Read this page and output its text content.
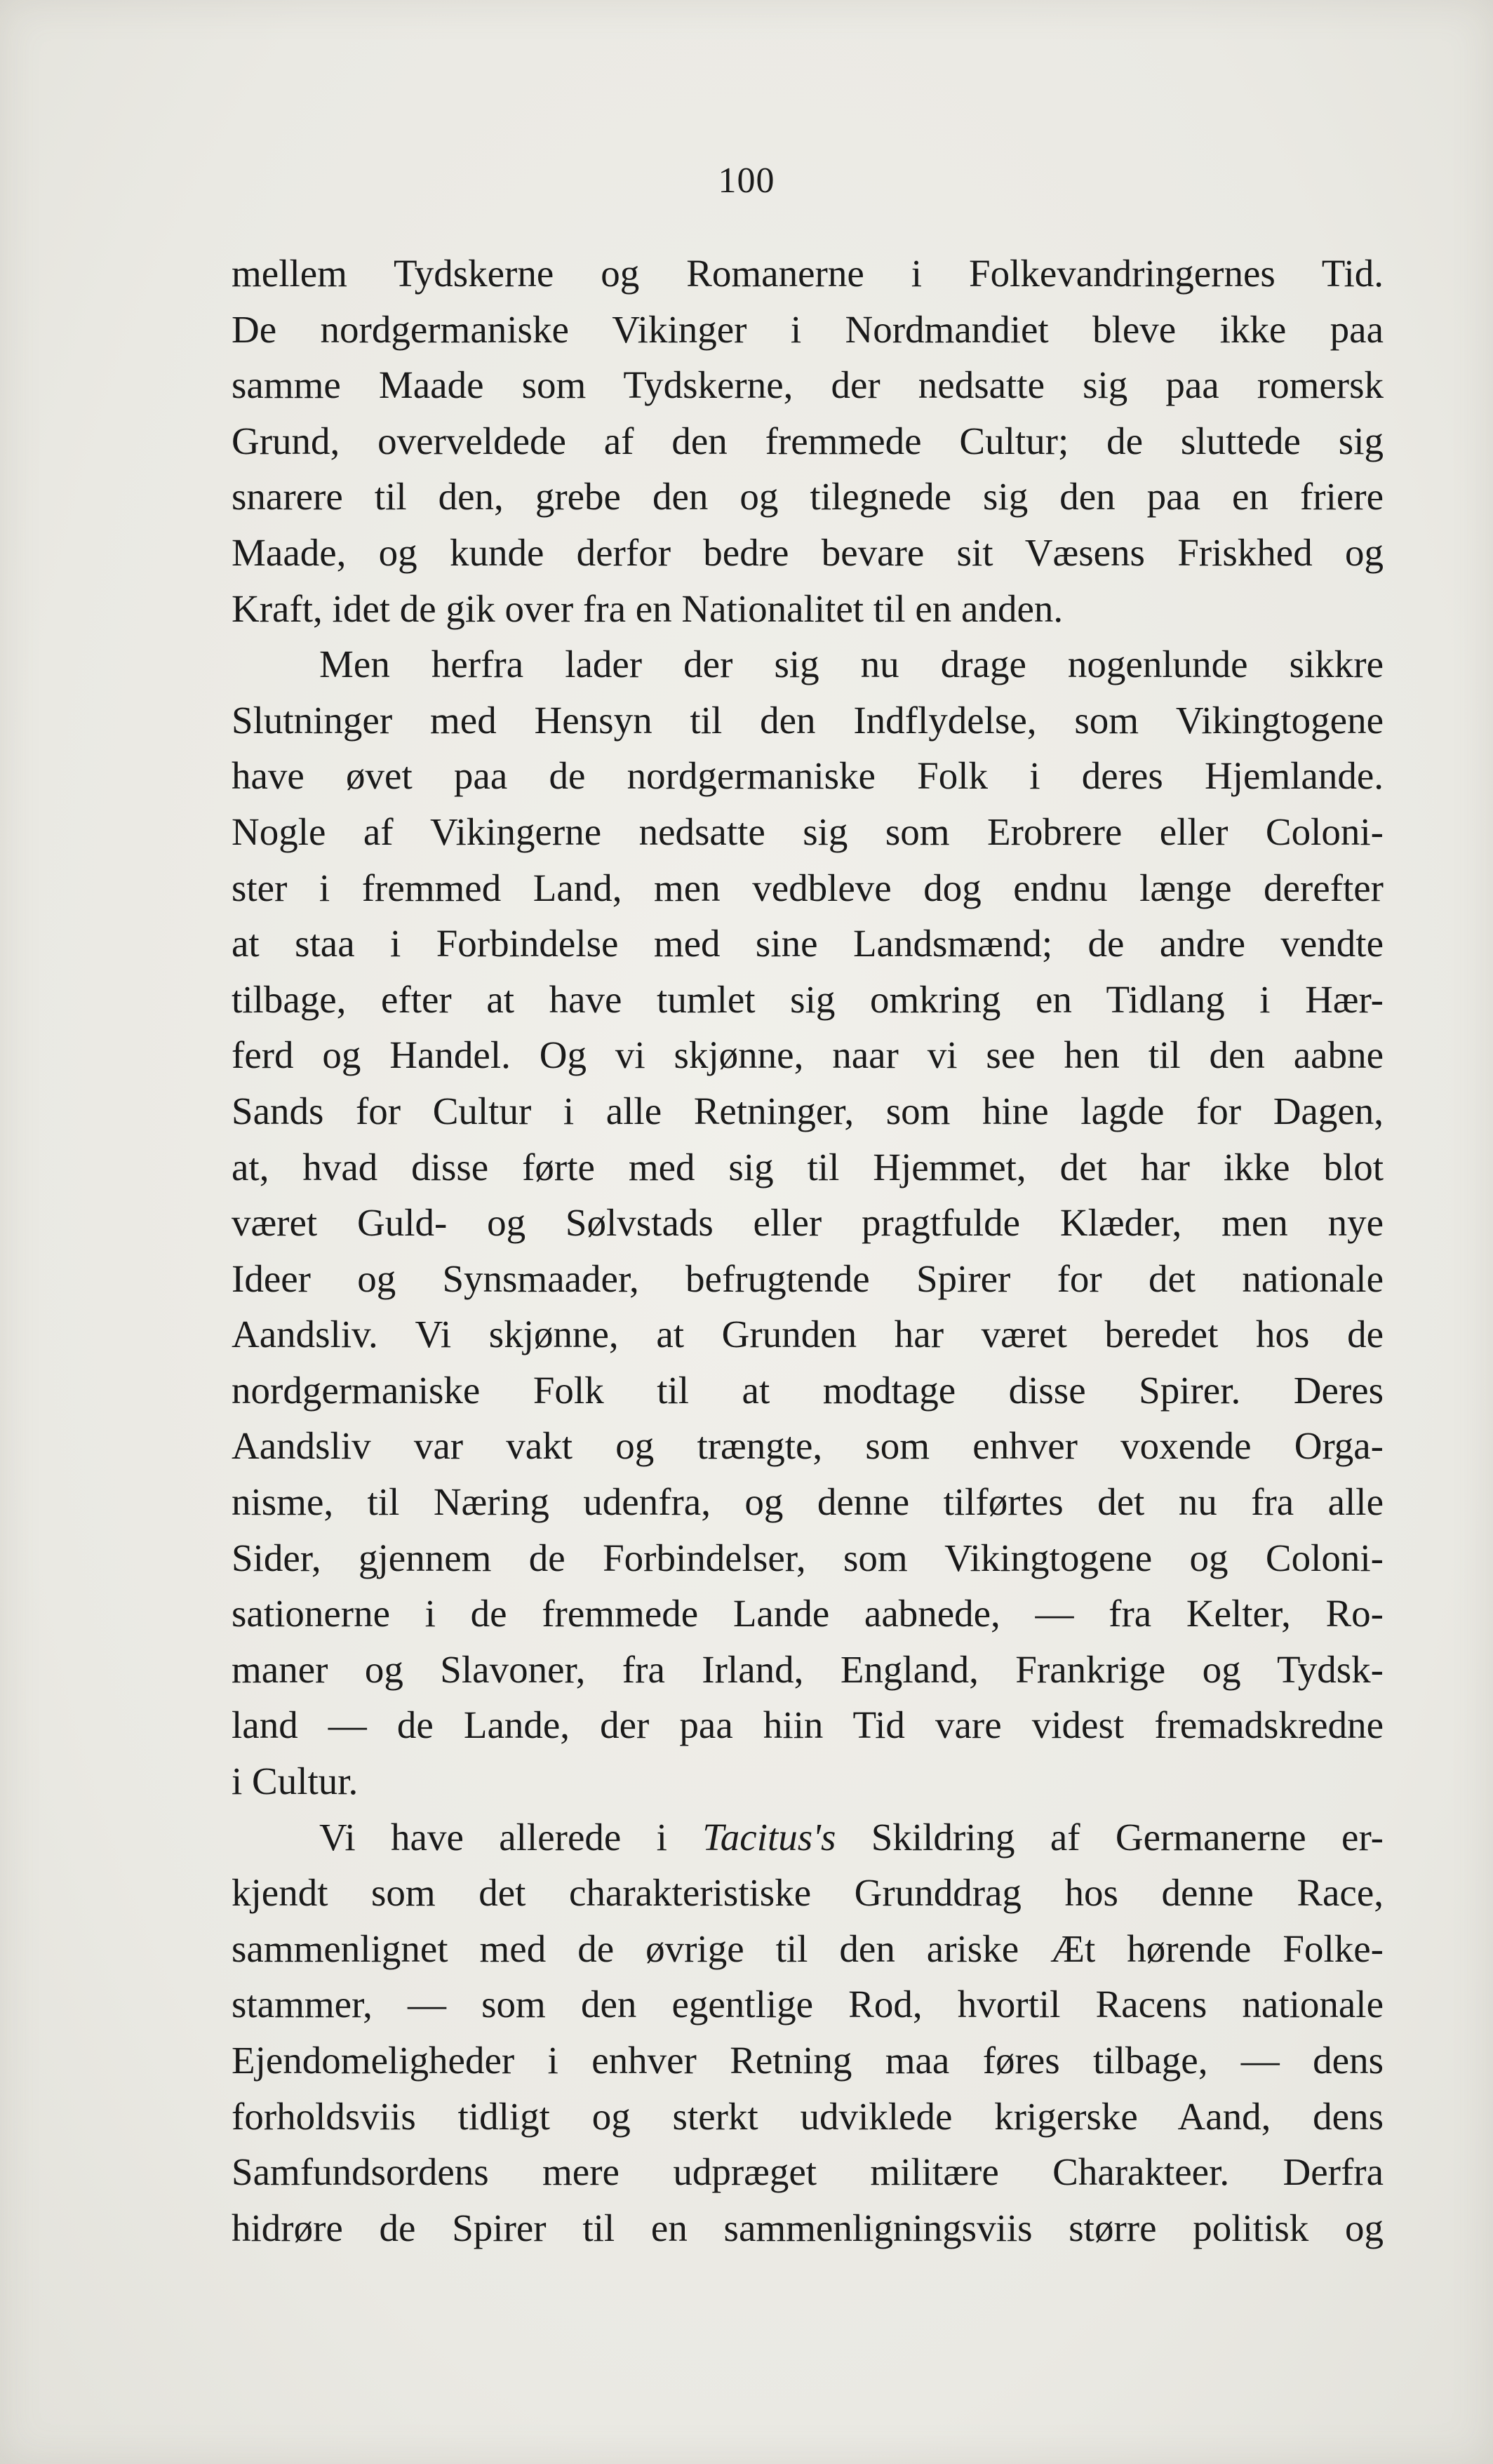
100
mellem Tydskerne og Romanerne i Folkevandringernes Tid.
De nordgermaniske Vikinger i Nordmandiet bleve ikke paa
samme Maade som Tydskerne, der nedsatte sig paa romersk
Grund, overveldede af den fremmede Cultur; de sluttede sig
snarere til den, grebe den og tilegnede sig den paa en friere
Maade, og kunde derfor bedre bevare sit Væsens Friskhed og
Kraft, idet de gik over fra en Nationalitet til en anden.
Men herfra lader der sig nu drage nogenlunde sikkre
Slutninger med Hensyn til den Indflydelse, som Vikingtogene
have øvet paa de nordgermaniske Folk i deres Hjemlande.
Nogle af Vikingerne nedsatte sig som Erobrere eller Coloni-
ster i fremmed Land, men vedbleve dog endnu længe derefter
at staa i Forbindelse med sine Landsmænd; de andre vendte
tilbage, efter at have tumlet sig omkring en Tidlang i Hær-
ferd og Handel. Og vi skjønne, naar vi see hen til den aabne
Sands for Cultur i alle Retninger, som hine lagde for Dagen,
at, hvad disse førte med sig til Hjemmet, det har ikke blot
været Guld- og Sølvstads eller pragtfulde Klæder, men nye
Ideer og Synsmaader, befrugtende Spirer for det nationale
Aandsliv. Vi skjønne, at Grunden har været beredet hos de
nordgermaniske Folk til at modtage disse Spirer. Deres
Aandsliv var vakt og trængte, som enhver voxende Orga-
nisme, til Næring udenfra, og denne tilførtes det nu fra alle
Sider, gjennem de Forbindelser, som Vikingtogene og Coloni-
sationerne i de fremmede Lande aabnede, — fra Kelter, Ro-
maner og Slavoner, fra Irland, England, Frankrige og Tydsk-
land — de Lande, der paa hiin Tid vare videst fremadskredne
i Cultur.
Vi have allerede i Tacitus's Skildring af Germanerne er-
kjendt som det charakteristiske Grunddrag hos denne Race,
sammenlignet med de øvrige til den ariske Æt hørende Folke-
stammer, — som den egentlige Rod, hvortil Racens nationale
Ejendomeligheder i enhver Retning maa føres tilbage, — dens
forholdsviis tidligt og sterkt udviklede krigerske Aand, dens
Samfundsordens mere udpræget militære Charakteer. Derfra
hidrøre de Spirer til en sammenligningsviis større politisk og
